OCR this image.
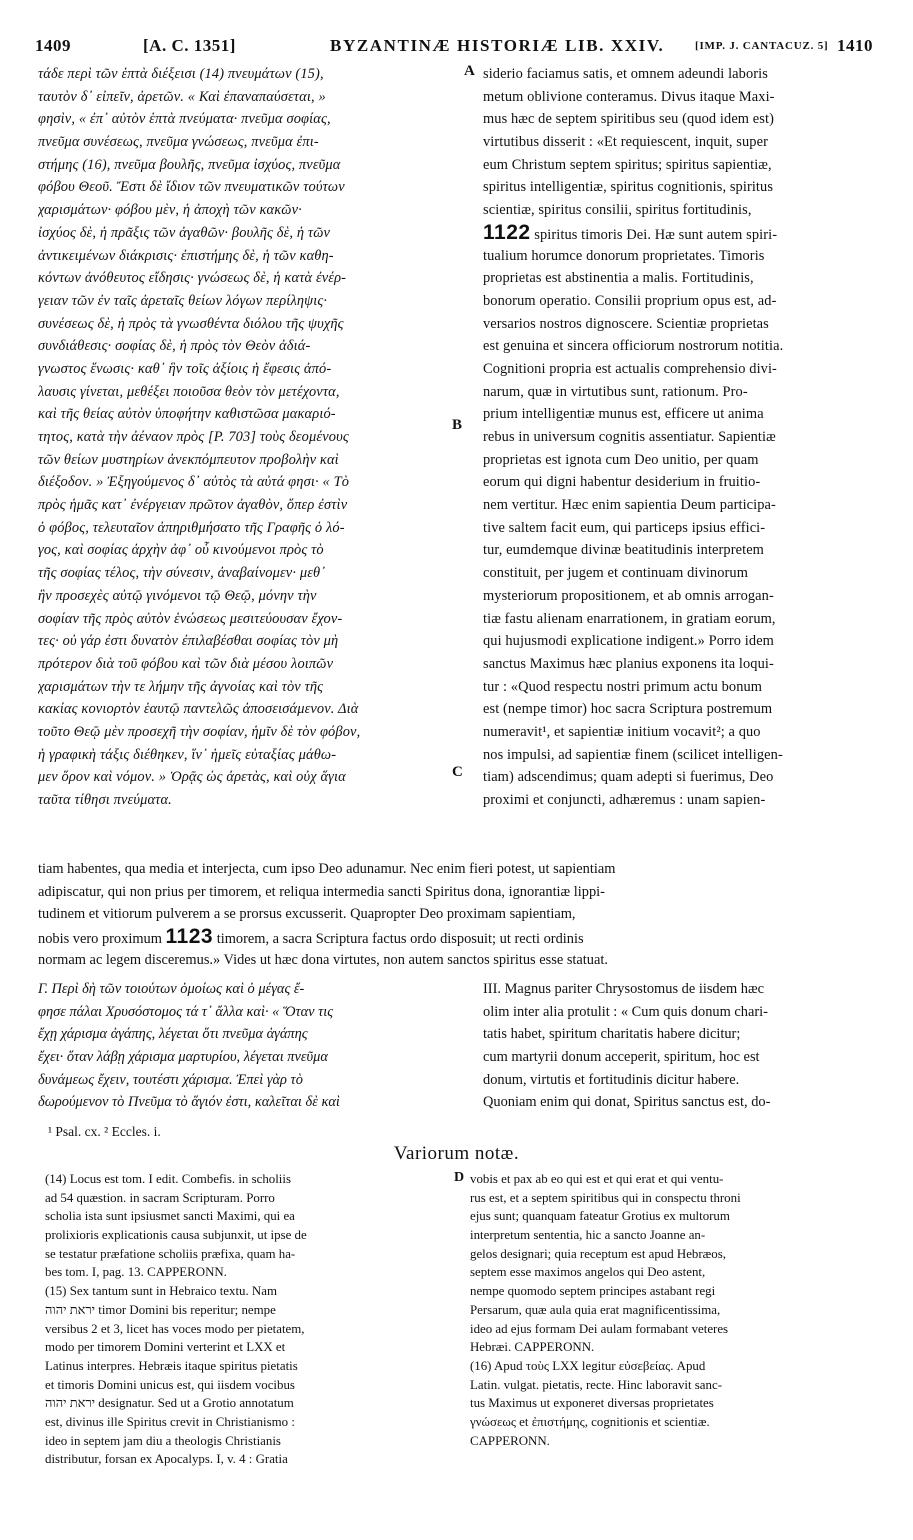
1409	[A. C. 1351]	BYZANTINÆ HISTORIÆ LIB. XXIV.	[IMP. J. CANTACUZ. 5] 1410
τάδε περὶ τῶν ἑπτὰ διέξεισι (14) πνευμάτων (15),
ταυτὸν δ᾽ εἰπεῖν, ἀρετῶν. « Καὶ ἐπαναπαύσεται, »
φησὶν, « ἐπ᾽ αὐτὸν ἑπτὰ πνεύματα· πνεῦμα σοφίας,
πνεῦμα συνέσεως, πνεῦμα γνώσεως, πνεῦμα ἐπι-
στήμης (16), πνεῦμα βουλῆς, πνεῦμα ἰσχύος, πνεῦμα
φόβου Θεοῦ. Ἔστι δὲ ἴδιον τῶν πνευματικῶν τούτων
χαρισμάτων· φόβου μὲν, ἡ ἀποχὴ τῶν κακῶν·
ἰσχύος δὲ, ἡ πρᾶξις τῶν ἀγαθῶν· βουλῆς δὲ, ἡ τῶν
ἀντικειμένων διάκρισις· ἐπιστήμης δὲ, ἡ τῶν καθη-
κόντων ἀνόθευτος εἴδησις· γνώσεως δὲ, ἡ κατὰ ἐνέρ-
γειαν τῶν ἐν ταῖς ἀρεταῖς θείων λόγων περίληψις·
συνέσεως δὲ, ἡ πρὸς τὰ γνωσθέντα διόλου τῆς ψυχῆς
συνδιάθεσις· σοφίας δὲ, ἡ πρὸς τὸν Θεὸν ἀδιά-
γνωστος ἕνωσις· καθ᾽ ἣν τοῖς ἀξίοις ἡ ἔφεσις ἀπό-
λαυσις γίνεται, μεθέξει ποιοῦσα θεὸν τὸν μετέχοντα,
καὶ τῆς θείας αὐτὸν ὑποφήτην καθιστῶσα μακαριό-
τητος, κατὰ τὴν ἀέναον πρὸς [P. 703] τοὺς δεομένους
τῶν θείων μυστηρίων ἀνεκπόμπευτον προβολὴν καὶ
διέξοδον. » Ἐξηγούμενος δ᾽ αὐτὸς τὰ αὐτά φησι· « Τὸ
πρὸς ἡμᾶς κατ᾽ ἐνέργειαν πρῶτον ἀγαθὸν, ὅπερ ἐστὶν
ὁ φόβος, τελευταῖον ἀπηριθμήσατο τῆς Γραφῆς ὁ λό-
γος, καὶ σοφίας ἀρχὴν ἀφ᾽ οὗ κινούμενοι πρὸς τὸ
τῆς σοφίας τέλος, τὴν σύνεσιν, ἀναβαίνομεν· μεθ᾽
ἣν προσεχὲς αὐτῷ γινόμενοι τῷ Θεῷ, μόνην τὴν
σοφίαν τῆς πρὸς αὐτὸν ἑνώσεως μεσιτεύουσαν ἔχον-
τες· οὐ γάρ ἐστι δυνατὸν ἐπιλαβέσθαι σοφίας τὸν μὴ
πρότερον διὰ τοῦ φόβου καὶ τῶν διὰ μέσου λοιπῶν
χαρισμάτων τὴν τε λήμην τῆς ἀγνοίας καὶ τὸν τῆς
κακίας κονιορτὸν ἑαυτῷ παντελῶς ἀποσεισάμενον. Διὰ
τοῦτο Θεῷ μὲν προσεχῆ τὴν σοφίαν, ἡμῖν δὲ τὸν φόβον,
ἡ γραφικὴ τάξις διέθηκεν, ἵν᾽ ἡμεῖς εὐταξίας μάθω-
μεν ὅρον καὶ νόμον. » Ὁρᾷς ὡς ἀρετὰς, καὶ οὐχ ἅγια
ταῦτα τίθησι πνεύματα.
siderio faciamus satis, et omnem adeundi laboris
metum oblivione conteramus. Divus itaque Maxi-
mus hæc de septem spiritibus seu (quod idem est)
virtutibus disserit : «Et requiescent, inquit, super
eum Christum septem spiritus; spiritus sapientiæ,
spiritus intelligentiæ, spiritus cognitionis, spiritus
scientiæ, spiritus consilii, spiritus fortitudinis,
1122 spiritus timoris Dei. Hæ sunt autem spiri-
tualium horumce donorum proprietates. Timoris
proprietas est abstinentia a malis. Fortitudinis,
bonorum operatio. Consilii proprium opus est, ad-
versarios nostros dignoscere. Scientiæ proprietas
est genuina et sincera officiorum nostrorum notitia.
Cognitioni propria est actualis comprehensio divi-
narum, quæ in virtutibus sunt, rationum. Pro-
prium intelligentiæ munus est, efficere ut anima
rebus in universum cognitis assentiatur. Sapientiæ
proprietas est ignota cum Deo unitio, per quam
eorum qui digni habentur desiderium in fruitio-
nem vertitur. Hæc enim sapientia Deum participa-
tive saltem facit eum, qui particeps ipsius effici-
tur, eumdemque divinæ beatitudinis interpretem
constituit, per jugem et continuam divinorum
mysteriorum propositionem, et ab omnis arrogan-
tiæ fastu alienam enarrationem, in gratiam eorum,
qui hujusmodi explicatione indigent.» Porro idem
sanctus Maximus hæc planius exponens ita loqui-
tur : «Quod respectu nostri primum actu bonum
est (nempe timor) hoc sacra Scriptura postremum
numeravit¹, et sapientiæ initium vocavit²; a quo
nos impulsi, ad sapientiæ finem (scilicet intelligen-
tiam) adscendimus; quam adepti si fuerimus, Deo
proximi et conjuncti, adhæremus : unam sapien-
A
B
C
tiam habentes, qua media et interjecta, cum ipso Deo adunamur. Nec enim fieri potest, ut sapientiam
adipiscatur, qui non prius per timorem, et reliqua intermedia sancti Spiritus dona, ignorantiæ lippi-
tudinem et vitiorum pulverem a se prorsus excusserit. Quapropter Deo proximam sapientiam,
nobis vero proximum 1123 timorem, a sacra Scriptura factus ordo disposuit; ut recti ordinis
normam ac legem disceremus.» Vides ut hæc dona virtutes, non autem sanctos spiritus esse statuat.
Γ. Περὶ δὴ τῶν τοιούτων ὁμοίως καὶ ὁ μέγας ἔ-
φησε πάλαι Χρυσόστομος τά τ᾽ ἄλλα καὶ· « Ὅταν τις
ἔχῃ χάρισμα ἀγάπης, λέγεται ὅτι πνεῦμα ἀγάπης
ἔχει· ὅταν λάβῃ χάρισμα μαρτυρίου, λέγεται πνεῦμα
δυνάμεως ἔχειν, τουτέστι χάρισμα. Ἐπεὶ γὰρ τὸ
δωρούμενον τὸ Πνεῦμα τὸ ἅγιόν ἐστι, καλεῖται δὲ καὶ
III. Magnus pariter Chrysostomus de iisdem hæc
olim inter alia protulit : « Cum quis donum chari-
tatis habet, spiritum charitatis habere dicitur;
cum martyrii donum acceperit, spiritum, hoc est
donum, virtutis et fortitudinis dicitur habere.
Quoniam enim qui donat, Spiritus sanctus est, do-
¹ Psal. cx. ² Eccles. i.
Variorum notæ.
(14) Locus est tom. I edit. Combefis. in scholiis
ad 54 quæstion. in sacram Scripturam. Porro
scholia ista sunt ipsiusmet sancti Maximi, qui ea
prolixioris explicationis causa subjunxit, ut ipse de
se testatur præfatione scholiis præfixa, quam ha-
bes tom. I, pag. 13. CAPPERONN.
(15) Sex tantum sunt in Hebraico textu. Nam
יראת יהוה timor Domini bis reperitur; nempe
versibus 2 et 3, licet has voces modo per pietatem,
modo per timorem Domini verterint et LXX et
Latinus interpres. Hebræis itaque spiritus pietatis
et timoris Domini unicus est, qui iisdem vocibus
יראת יהוה designatur. Sed ut a Grotio annotatum
est, divinus ille Spiritus crevit in Christianismo :
ideo in septem jam diu a theologis Christianis
distributur, forsan ex Apocalyps. I, v. 4 : Gratia
D vobis et pax ab eo qui est et qui erat et qui ventu-
rus est, et a septem spiritibus qui in conspectu throni
ejus sunt; quanquam fateatur Grotius ex multorum
interpretum sententia, hic a sancto Joanne an-
gelos designari; quia receptum est apud Hebræos,
septem esse maximos angelos qui Deo astent,
nempe quomodo septem principes astabant regi
Persarum, quæ aula quia erat magnificentissima,
ideo ad ejus formam Dei aulam formabant veteres
Hebræi. CAPPERONN.
(16) Apud τοὺς LXX legitur εὐσεβείας. Apud
Latin. vulgat. pietatis, recte. Hinc laboravit sanc-
tus Maximus ut exponeret diversas proprietates
γνώσεως et ἐπιστήμης, cognitionis et scientiæ.
CAPPERONN.
